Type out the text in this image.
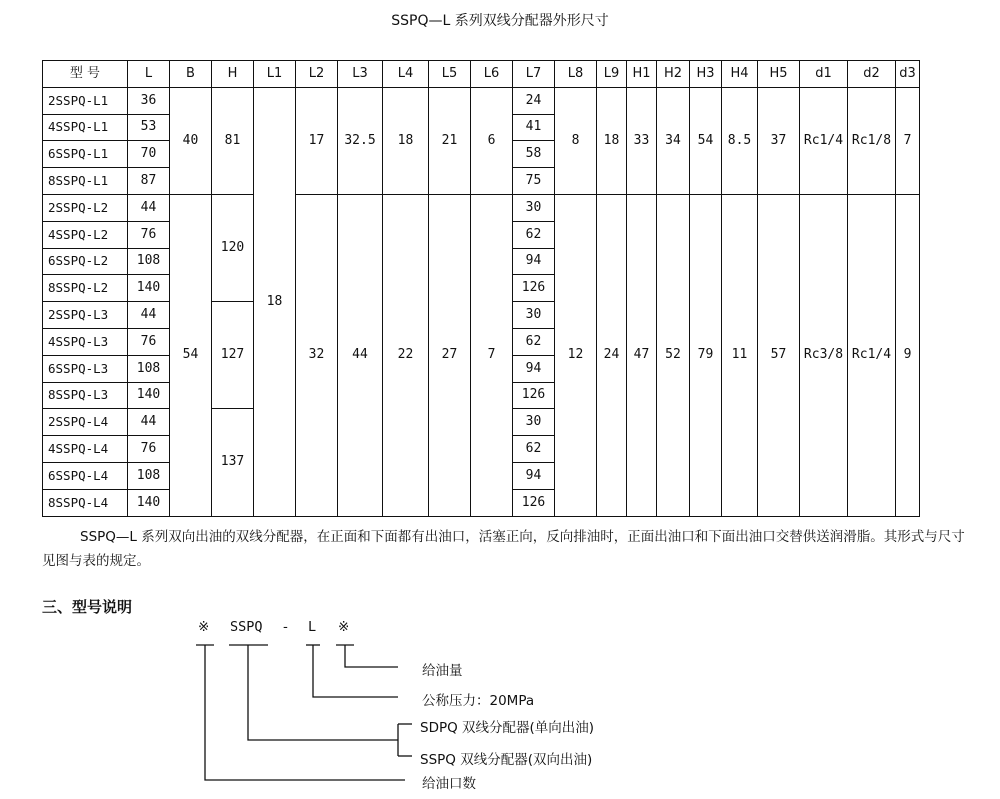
SSPQ—L 系列双线分配器外形尺寸
型 号	L	B	H	L1	L2	L3	L4	L5	L6	L7	L8	L9	H1	H2	H3	H4	H5	d1	d2	d3
2SSPQ-L1	36	40	81	18	17	32.5	18	21	6	24	8	18	33	34	54	8.5	37	Rc1/4	Rc1/8	7
4SSPQ-L1	53									41										
6SSPQ-L1	70									58										
8SSPQ-L1	87									75										
2SSPQ-L2	44	54	120		32	44	22	27	7	30	12	24	47	52	79	11	57	Rc3/8	Rc1/4	9
4SSPQ-L2	76									62										
6SSPQ-L2	108									94										
8SSPQ-L2	140									126										
2SSPQ-L3	44		127							30										
4SSPQ-L3	76									62										
6SSPQ-L3	108									94										
8SSPQ-L3	140									126										
2SSPQ-L4	44		137							30										
4SSPQ-L4	76									62										
6SSPQ-L4	108									94										
8SSPQ-L4	140									126										
SSPQ—L 系列双向出油的双线分配器，在正面和下面都有出油口，活塞正向，反向排油时，正面出油口和下面出油口交替供送润滑脂。其形式与尺寸见图与表的规定。
三、型号说明
※ SSPQ - L ※
给油量
公称压力：20MPa
SDPQ 双线分配器(单向出油)
SSPQ 双线分配器(双向出油)
给油口数
